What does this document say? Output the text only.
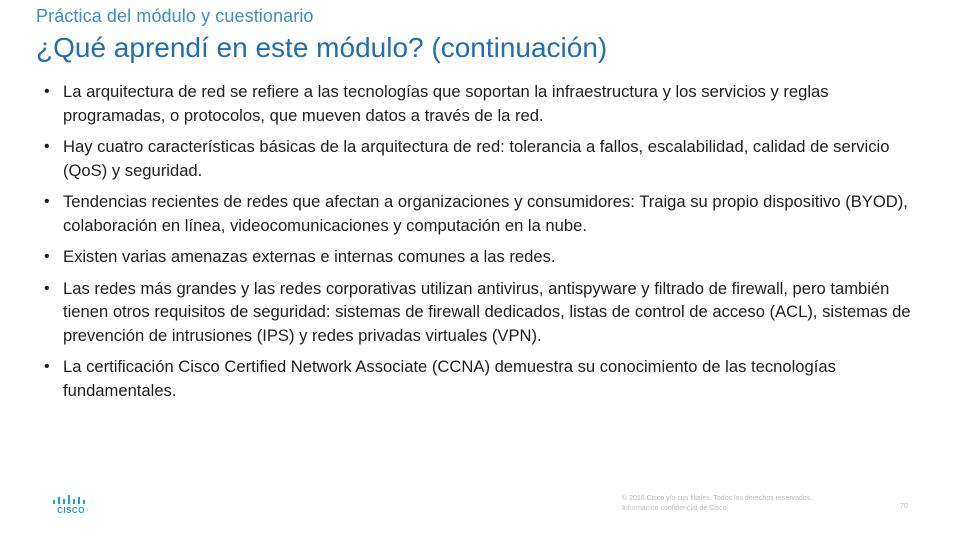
Práctica del módulo y cuestionario
¿Qué aprendí en este módulo? (continuación)
• La arquitectura de red se refiere a las tecnologías que soportan la infraestructura y los servicios y reglas programadas, o protocolos, que mueven datos a través de la red.
• Hay cuatro características básicas de la arquitectura de red: tolerancia a fallos, escalabilidad, calidad de servicio (QoS) y seguridad.
• Tendencias recientes de redes que afectan a organizaciones y consumidores: Traiga su propio dispositivo (BYOD), colaboración en línea, videocomunicaciones y computación en la nube.
• Existen varias amenazas externas e internas comunes a las redes.
• Las redes más grandes y las redes corporativas utilizan antivirus, antispyware y filtrado de firewall, pero también tienen otros requisitos de seguridad: sistemas de firewall dedicados, listas de control de acceso (ACL), sistemas de prevención de intrusiones (IPS) y redes privadas virtuales (VPN).
• La certificación Cisco Certified Network Associate (CCNA) demuestra su conocimiento de las tecnologías fundamentales.
CISCO
© 2016 Cisco y/o sus filiales. Todos los derechos reservados.
Información confidencial de Cisco	70
